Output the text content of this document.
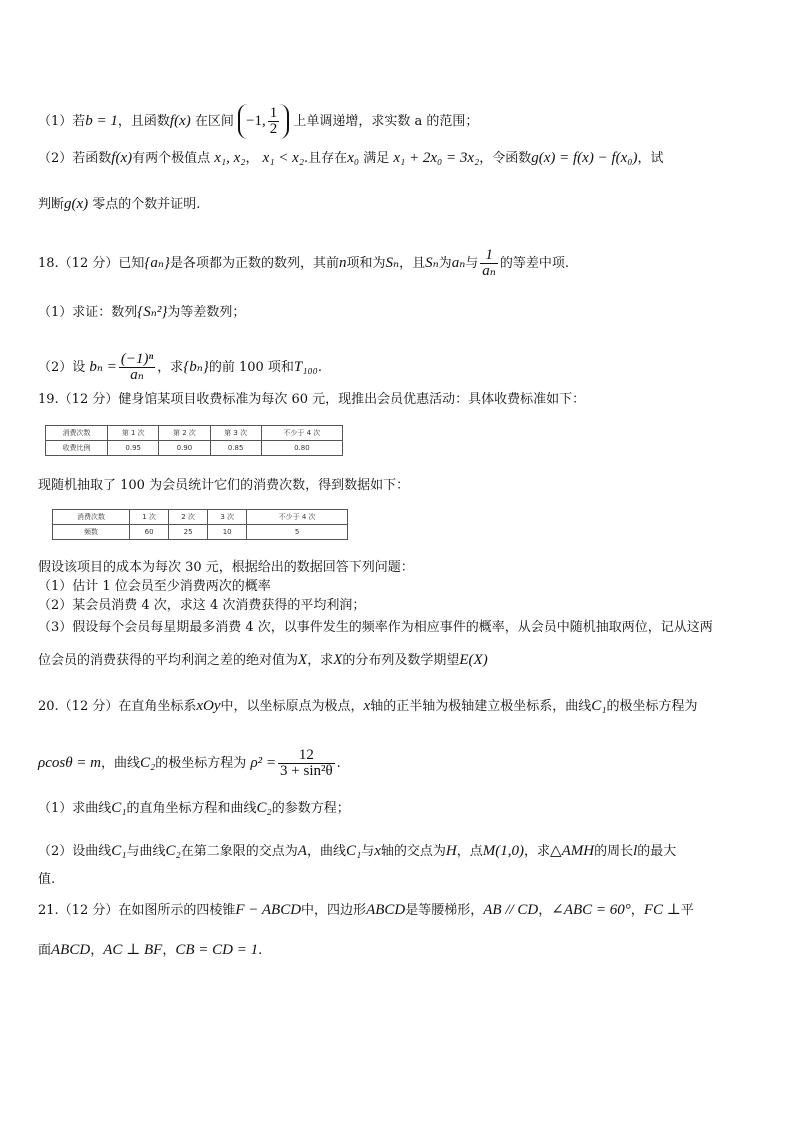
（1）若b = 1，且函数f(x) 在区间 −1, $\frac{1}{2}$ 上单调递增，求实数 a 的范围；
（2）若函数f(x)有两个极值点 x₁, x₂， x₁ < x₂.且存在x₀ 满足 x₁ + 2x₀ = 3x₂，令函数g(x) = f(x) − f(x₀)，试
判断g(x) 零点的个数并证明.
18.（12 分）已知{aₙ}是各项都为正数的数列，其前n项和为Sₙ，且Sₙ为aₙ与 $\frac{1}{\text{aₙ}}$ 的等差中项.
（1）求证：数列{Sₙ²}为等差数列；
（2）设 $b_n = \frac{\text{(−1)ⁿ}}{\text{aₙ}}$ ，求{bₙ}的前 100 项和T₁₀₀.
19.（12 分）健身馆某项目收费标准为每次 60 元，现推出会员优惠活动：具体收费标准如下：
消费次数	第 1 次	第 2 次	第 3 次	不少于 4 次
收费比例	0.95	0.90	0.85	0.80
现随机抽取了 100 为会员统计它们的消费次数，得到数据如下：
消费次数	1 次	2 次	3 次	不少于 4 次
频数	60	25	10	5
假设该项目的成本为每次 30 元，根据给出的数据回答下列问题：
（1）估计 1 位会员至少消费两次的概率
（2）某会员消费 4 次，求这 4 次消费获得的平均利润；
（3）假设每个会员每星期最多消费 4 次，以事件发生的频率作为相应事件的概率，从会员中随机抽取两位，记从这两
位会员的消费获得的平均利润之差的绝对值为X，求X的分布列及数学期望E(X)
20.（12 分）在直角坐标系xOy中，以坐标原点为极点，x轴的正半轴为极轴建立极坐标系，曲线C₁的极坐标方程为
ρcosθ = m，曲线C₂的极坐标方程为 $\rho^2 = \frac{12}{\text{3 + sin²θ}}$ .
（1）求曲线C₁的直角坐标方程和曲线C₂的参数方程；
（2）设曲线C₁与曲线C₂在第二象限的交点为A，曲线C₁与x轴的交点为H，点M(1,0)，求△AMH的周长l的最大
值.
21.（12 分）在如图所示的四棱锥F − ABCD中，四边形ABCD是等腰梯形，AB // CD，∠ABC = 60°，FC ⊥平
面ABCD，AC ⊥ BF，CB = CD = 1.
